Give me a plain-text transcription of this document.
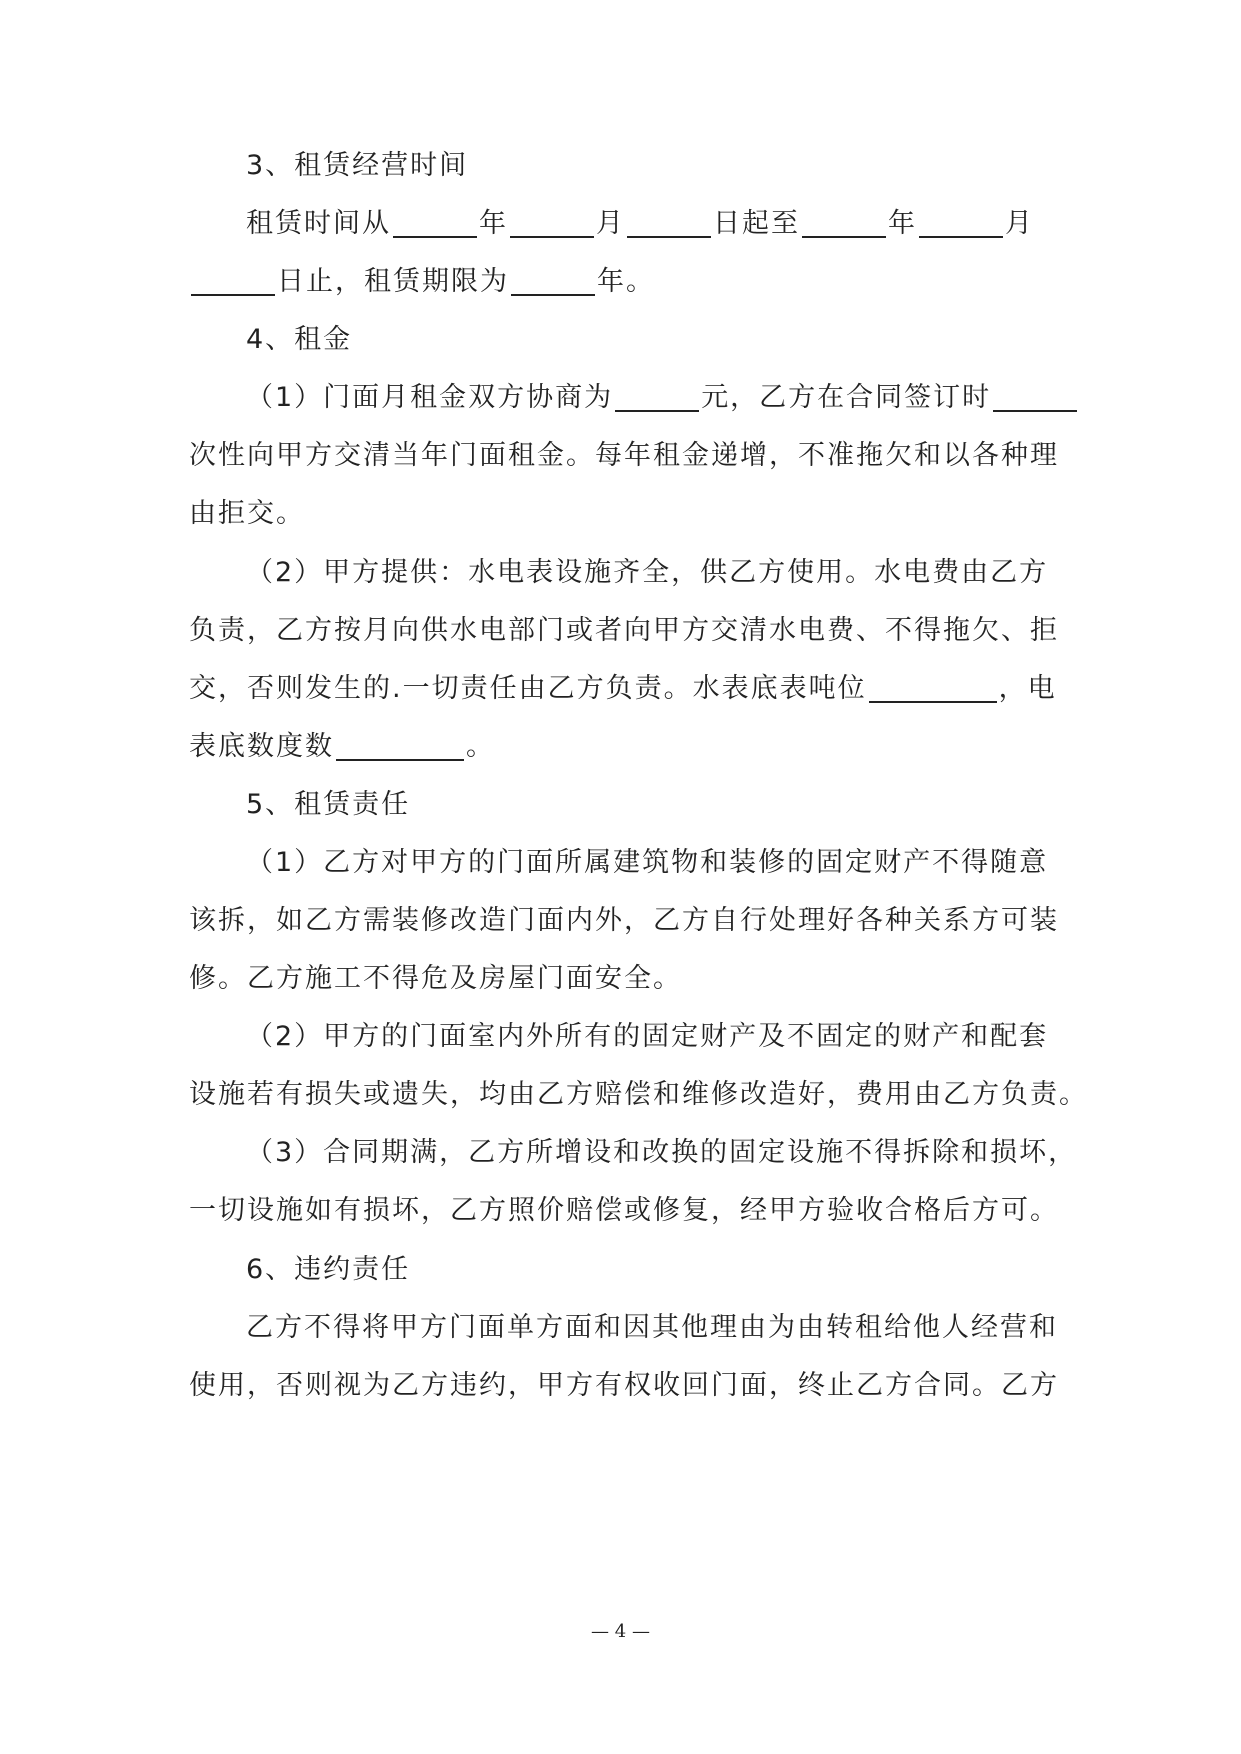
3、租赁经营时间
租赁时间从	年	月	日起至	年	月
日止，租赁期限为	年。
4、租金
（1）门面月租金双方协商为	元，乙方在合同签订时
次性向甲方交清当年门面租金。每年租金递增，不准拖欠和以各种理
由拒交。
（2）甲方提供：水电表设施齐全，供乙方使用。水电费由乙方
负责，乙方按月向供水电部门或者向甲方交清水电费、不得拖欠、拒
交，否则发生的.一切责任由乙方负责。水表底表吨位	，电
表底数度数	。
5、租赁责任
（1）乙方对甲方的门面所属建筑物和装修的固定财产不得随意
该拆，如乙方需装修改造门面内外，乙方自行处理好各种关系方可装
修。乙方施工不得危及房屋门面安全。
（2）甲方的门面室内外所有的固定财产及不固定的财产和配套
设施若有损失或遗失，均由乙方赔偿和维修改造好，费用由乙方负责。
（3）合同期满，乙方所增设和改换的固定设施不得拆除和损坏，
一切设施如有损坏，乙方照价赔偿或修复，经甲方验收合格后方可。
6、违约责任
乙方不得将甲方门面单方面和因其他理由为由转租给他人经营和
使用，否则视为乙方违约，甲方有权收回门面，终止乙方合同。乙方
— 4 —
